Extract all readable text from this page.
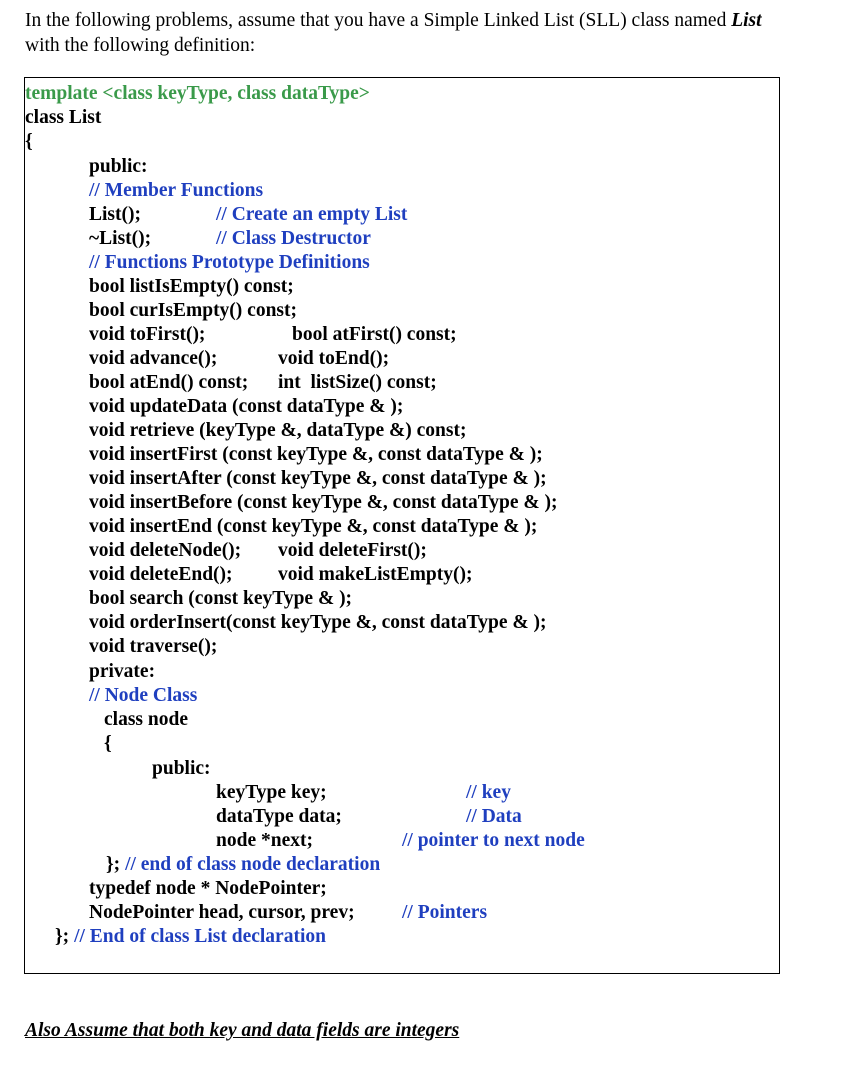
In the following problems, assume that you have a Simple Linked List (SLL) class named List
with the following definition:
template <class keyType, class dataType>
class List
{
public:
// Member Functions
List();	// Create an empty List
~List();	// Class Destructor
// Functions Prototype Definitions
bool listIsEmpty() const;
bool curIsEmpty() const;
void toFirst();	bool atFirst() const;
void advance();	void toEnd();
bool atEnd() const; int  listSize() const;
void updateData (const dataType & );
void retrieve (keyType &, dataType &) const;
void insertFirst (const keyType &, const dataType & );
void insertAfter (const keyType &, const dataType & );
void insertBefore (const keyType &, const dataType & );
void insertEnd (const keyType &, const dataType & );
void deleteNode(); void deleteFirst();
void deleteEnd(); void makeListEmpty();
bool search (const keyType & );
void orderInsert(const keyType &, const dataType & );
void traverse();
private:
// Node Class
class node
{
public:
keyType key;	// key
dataType data;	// Data
node *next;	// pointer to next node
}; // end of class node declaration
typedef node * NodePointer;
NodePointer head, cursor, prev; // Pointers
}; // End of class List declaration
Also Assume that both key and data fields are integers
